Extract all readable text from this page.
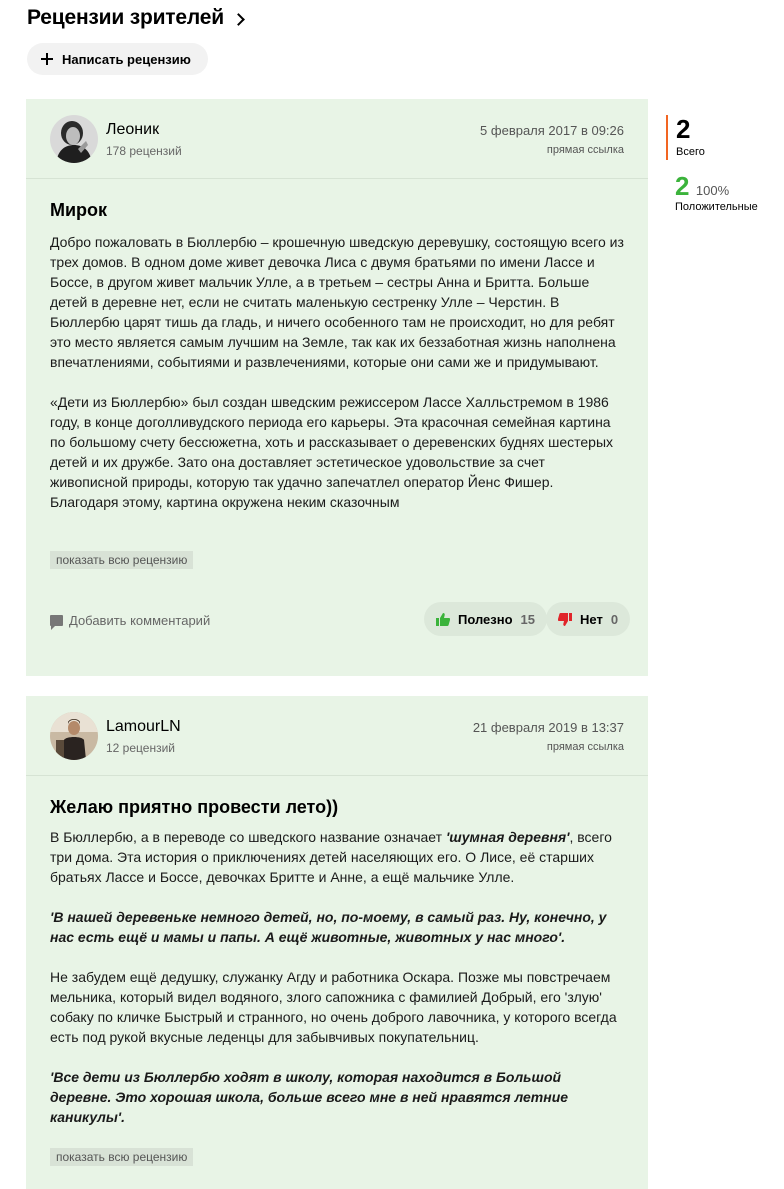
Рецензии зрителей
Написать рецензию
Леоник
178 рецензий
5 февраля 2017 в 09:26
прямая ссылка
Мирок

Добро пожаловать в Бюллербю – крошечную шведскую деревушку, состоящую всего из трех домов. В одном доме живет девочка Лиса с двумя братьями по имени Лассе и Боссе, в другом живет мальчик Улле, а в третьем – сестры Анна и Бритта. Больше детей в деревне нет, если не считать маленькую сестренку Улле – Черстин. В Бюллербю царят тишь да гладь, и ничего особенного там не происходит, но для ребят это место является самым лучшим на Земле, так как их беззаботная жизнь наполнена впечатлениями, событиями и развлечениями, которые они сами же и придумывают.

«Дети из Бюллербю» был создан шведским режиссером Лассе Халльстремом в 1986 году, в конце доголливудского периода его карьеры. Эта красочная семейная картина по большому счету бессюжетна, хоть и рассказывает о деревенских буднях шестерых детей и их дружбе. Зато она доставляет эстетическое удовольствие за счет живописной природы, которую так удачно запечатлел оператор Йенс Фишер. Благодаря этому, картина окружена неким сказочным

показать всю рецензию
Добавить комментарий	Полезно 15	Нет 0
2
Всего
2 100%
Положительные
LamourLN
12 рецензий
21 февраля 2019 в 13:37
прямая ссылка
Желаю приятно провести лето))

В Бюллербю, а в переводе со шведского название означает 'шумная деревня', всего три дома. Эта история о приключениях детей населяющих его. О Лисе, её старших братьях Лассе и Боссе, девочках Бритте и Анне, а ещё мальчике Улле.

'В нашей деревеньке немного детей, но, по-моему, в самый раз. Ну, конечно, у нас есть ещё и мамы и папы. А ещё животные, животных у нас много'.

Не забудем ещё дедушку, служанку Агду и работника Оскара. Позже мы повстречаем мельника, который видел водяного, злого сапожника с фамилией Добрый, его 'злую' собаку по кличке Быстрый и странного, но очень доброго лавочника, у которого всегда есть под рукой вкусные леденцы для забывчивых покупательниц.

'Все дети из Бюллербю ходят в школу, которая находится в Большой деревне. Это хорошая школа, больше всего мне в ней нравятся летние каникулы'.

показать всю рецензию
